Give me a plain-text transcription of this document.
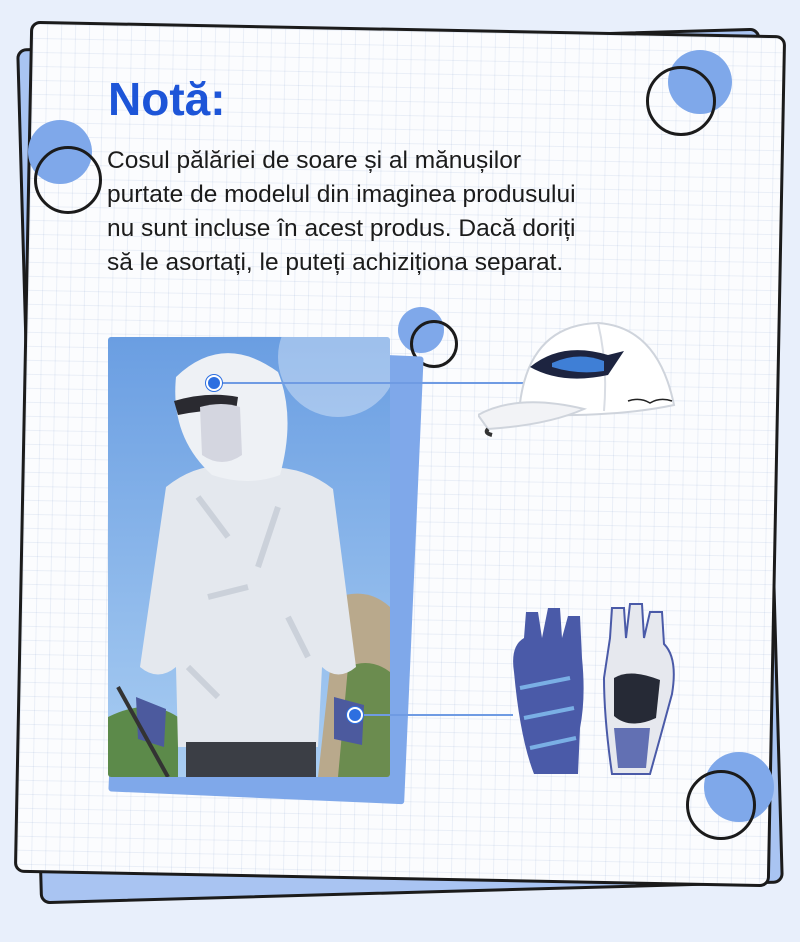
Notă:

Cosul pălăriei de soare și al mănușilor
purtate de modelul din imaginea produsului
nu sunt incluse în acest produs. Dacă doriți
să le asortați, le puteți achiziționa separat.
